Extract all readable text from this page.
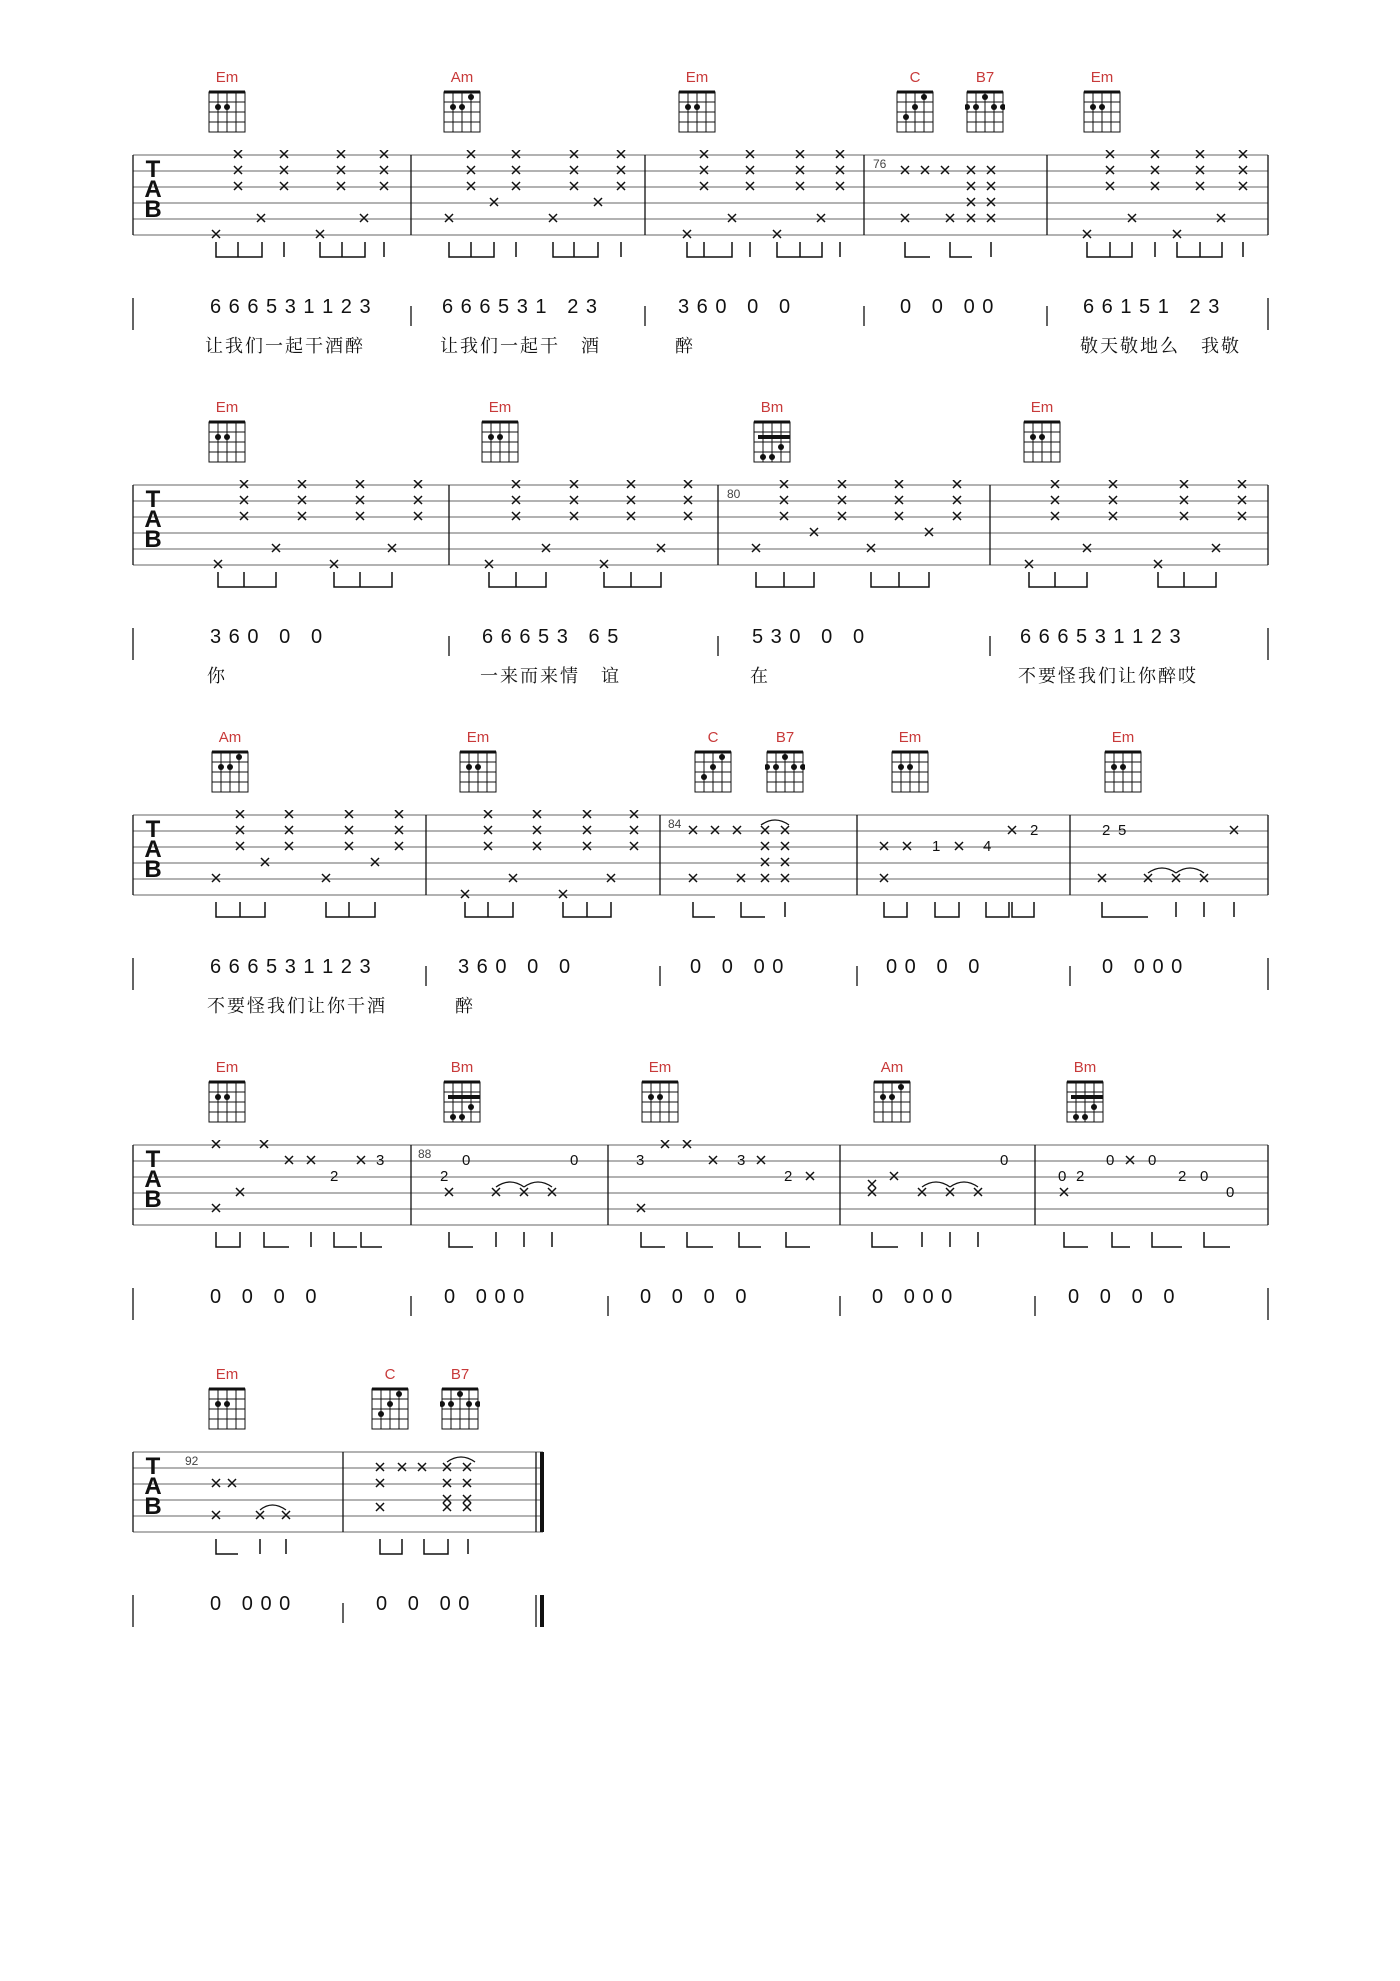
Em	Am	Em	C	B7	Em
T
A
B
76
6 6 6 5 3 1 1 2 3	6 6 6 5 3 1   2 3	3 6 0   0   0	0   0   0 0	6 6 1 5 1   2 3
让我们一起干酒醉	让我们一起干   酒	醉	敬天敬地么   我敬
Em	Em	Bm	Em
T
A
B
80
3 6 0   0   0	6 6 6 5 3   6 5	5 3 0   0   0	6 6 6 5 3 1 1 2 3
你	一来而来情   谊	在	不要怪我们让你醉哎
Am	Em	C	B7	Em	Em
1	4
2	2 5
T
A
B
84
6 6 6 5 3 1 1 2 3	3 6 0   0   0	0   0   0 0	0 0   0   0	0   0 0 0
不要怪我们让你干酒	醉
Em	Bm	Em	Am	Bm
2
3
2
0	0	3	3
2
0
0 2
0 0
2 0
0
T
A
B
88
0   0   0   0	0   0 0 0	0   0   0   0	0   0 0 0	0   0   0   0
Em	C	B7
T
A
B
92
0   0 0 0	0   0   0 0
